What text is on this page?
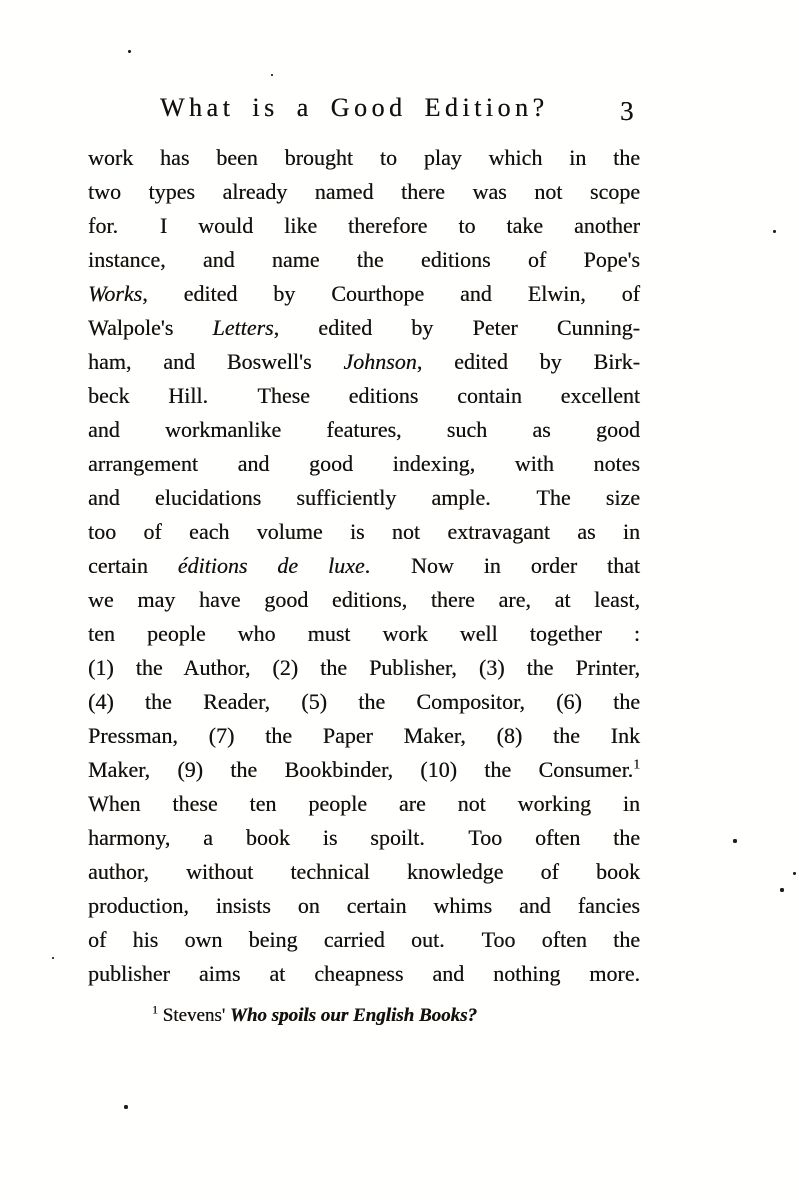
What is a Good Edition?	3
work has been brought to play which in the
two types already named there was not scope
for.  I would like therefore to take another
instance, and name the editions of Pope's
Works, edited by Courthope and Elwin, of
Walpole's Letters, edited by Peter Cunning-
ham, and Boswell's Johnson, edited by Birk-
beck Hill.  These editions contain excellent
and workmanlike features, such as good
arrangement and good indexing, with notes
and elucidations sufficiently ample.  The size
too of each volume is not extravagant as in
certain éditions de luxe.  Now in order that
we may have good editions, there are, at least,
ten people who must work well together :
(1) the Author, (2) the Publisher, (3) the Printer,
(4) the Reader, (5) the Compositor, (6) the
Pressman, (7) the Paper Maker, (8) the Ink
Maker, (9) the Bookbinder, (10) the Consumer.$^1$
When these ten people are not working in
harmony, a book is spoilt.  Too often the
author, without technical knowledge of book
production, insists on certain whims and fancies
of his own being carried out.  Too often the
publisher aims at cheapness and nothing more.
$^1$ Stevens' Who spoils our English Books?
